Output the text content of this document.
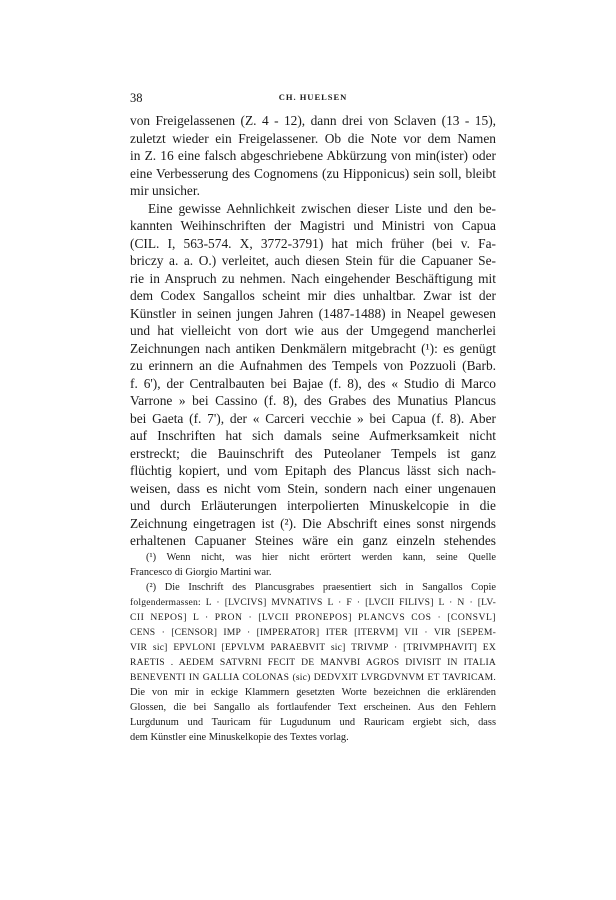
38	CH. HUELSEN
von Freigelassenen (Z. 4 - 12), dann drei von Sclaven (13 - 15),
zuletzt wieder ein Freigelassener. Ob die Note vor dem Namen
in Z. 16 eine falsch abgeschriebene Abkürzung von min(ister) oder
eine Verbesserung des Cognomens (zu Hipponicus) sein soll, bleibt
mir unsicher.
Eine gewisse Aehnlichkeit zwischen dieser Liste und den be-
kannten Weihinschriften der Magistri und Ministri von Capua
(CIL. I, 563-574. X, 3772-3791) hat mich früher (bei v. Fa-
briczy a. a. O.) verleitet, auch diesen Stein für die Capuaner Se-
rie in Anspruch zu nehmen. Nach eingehender Beschäftigung mit
dem Codex Sangallos scheint mir dies unhaltbar. Zwar ist der
Künstler in seinen jungen Jahren (1487-1488) in Neapel gewesen
und hat vielleicht von dort wie aus der Umgegend mancherlei
Zeichnungen nach antiken Denkmälern mitgebracht (¹): es genügt
zu erinnern an die Aufnahmen des Tempels von Pozzuoli (Barb.
f. 6'), der Centralbauten bei Bajae (f. 8), des « Studio di Marco
Varrone » bei Cassino (f. 8), des Grabes des Munatius Plancus
bei Gaeta (f. 7'), der « Carceri vecchie » bei Capua (f. 8). Aber
auf Inschriften hat sich damals seine Aufmerksamkeit nicht
erstreckt; die Bauinschrift des Puteolaner Tempels ist ganz
flüchtig kopiert, und vom Epitaph des Plancus lässt sich nach-
weisen, dass es nicht vom Stein, sondern nach einer ungenauen
und durch Erläuterungen interpolierten Minuskelcopie in die
Zeichnung eingetragen ist (²). Die Abschrift eines sonst nirgends
erhaltenen Capuaner Steines wäre ein ganz einzeln stehendes
(¹) Wenn nicht, was hier nicht erörtert werden kann, seine Quelle
Francesco di Giorgio Martini war.
(²) Die Inschrift des Plancusgrabes praesentiert sich in Sangallos Copie
folgendermassen: L · [LVCIVS] MVNATIVS L · F · [LVCII FILIVS] L · N · [LV-
CII NEPOS] L · PRON · [LVCII PRONEPOS] PLANCVS COS · [CONSVL]
CENS · [CENSOR] IMP · [IMPERATOR] ITER [ITERVM] VII · VIR [SEPEM-
VIR sic] EPVLONI [EPVLVM PARAEBVIT sic] TRIVMP · [TRIVMPHAVIT] EX
RAETIS . AEDEM SATVRNI FECIT DE MANVBI AGROS DIVISIT IN ITALIA
BENEVENTI IN GALLIA COLONAS (sic) DEDVXIT LVRGDVNVM ET TAVRICAM.
Die von mir in eckige Klammern gesetzten Worte bezeichnen die erklärenden
Glossen, die bei Sangallo als fortlaufender Text erscheinen. Aus den Fehlern
Lurgdunum und Tauricam für Lugudunum und Rauricam ergiebt sich, dass
dem Künstler eine Minuskelkopie des Textes vorlag.
